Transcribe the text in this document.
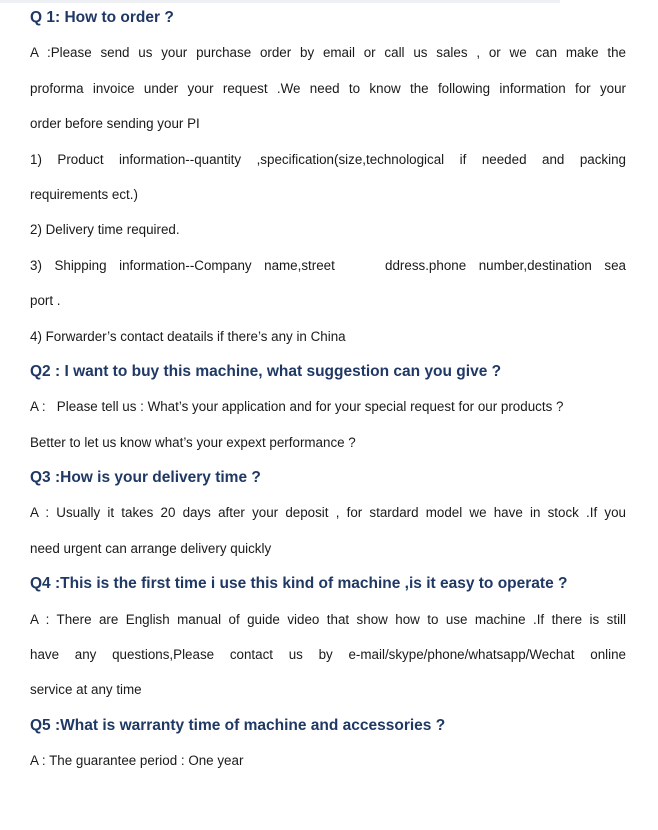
Q 1: How to order ?
A :Please send us your purchase order by email or call us sales , or we can make the
proforma invoice under your request .We need to know the following information for your
order before sending your PI
1) Product information--quantity ,specification(size,technological if needed and packing
requirements ect.)
2) Delivery time required.
3) Shipping information--Company name,street    ddress.phone number,destination sea
port .
4) Forwarder’s contact deatails if there’s any in China
Q2 : I want to buy this machine, what suggestion can you give ?
A :   Please tell us : What’s your application and for your special request for our products ?
Better to let us know what’s your expext performance ?
Q3 :How is your delivery time ?
A : Usually it takes 20 days after your deposit , for stardard model we have in stock .If you
need urgent can arrange delivery quickly
Q4 :This is the first time i use this kind of machine ,is it easy to operate ?
A : There are English manual of guide video that show how to use machine .If there is still
have any questions,Please contact us by e-mail/skype/phone/whatsapp/Wechat online
service at any time
Q5 :What is warranty time of machine and accessories ?
A : The guarantee period : One year
